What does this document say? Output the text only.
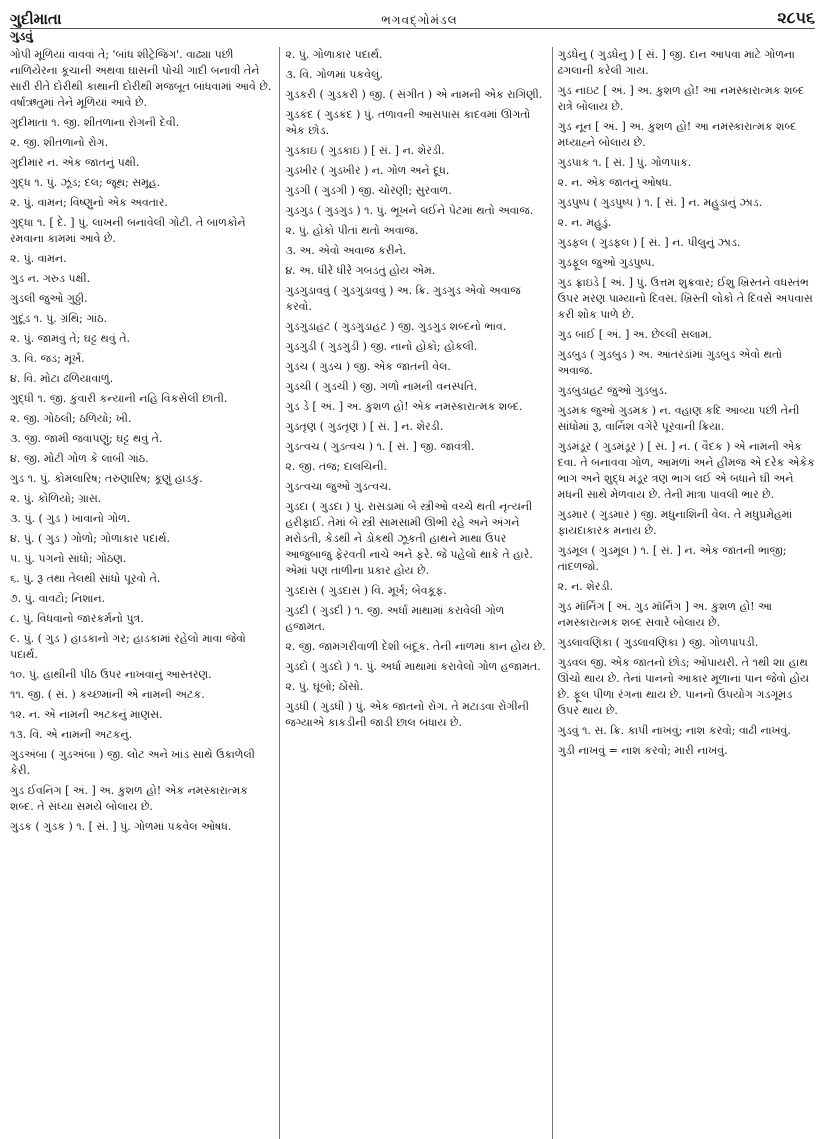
ગુદીમાતા	ભગવદ્ગોમંડલ	૨૮૫૬
ગુડવું
ગોપી મૂળિયાં વાવવાં તે; 'બાંધ શીટ્રેજિંગ'. વાઢ્યા પછી નાળિયેરના કૂચાની અથવા ઘાસની પોચી ગાદી બનાવી તેને સારી રીતે દોરીથી કાથાની દોરીથી મજબૂત બાંધવામાં આવે છે. વર્ષાઋતુમાં તેને મૂળિયાં આવે છે.
ગુદીમાતા ૧. જી. શીતળાના રોગની દેવી.
૨. જી. શીતળાનો રોગ.
ગુદીમાર ન. એક જાતનું પક્ષી.
ગુદ્ધ ૧. પું. ઝૂંડ; દલ; જૂથ; સમૂહ.
૨. પું. વામન; વિષ્ણુનો એક અવતાર.
ગુદ્ધા ૧. [ દે. ] પું. લાખની બનાવેલી ગોટી. તે બાળકોને રમવાના કામમાં આવે છે.
૨. પું. વામન.
ગુડ ન. ગરુડ પક્ષી.
ગુડલી જુઓ ગુઠ્ઠી.
ગુદૂંડ ૧. પું. ગ્રંથિ; ગાંઠ.
૨. પું. જામવું તે; ઘટ્ટ થવું તે.
૩. વિ. જડ; મૂર્ખ.
૪. વિ. મોટા ઢળિયાવાળું.
ગુદ્ધી ૧. જી. કુંવારી કન્યાની નહિ વિકસેલી છાતી.
૨. જી. ગોઠલી; ઠળિયો; ખી.
૩. જી. જામી જવાપણું; ઘટ્ટ થવું તે.
૪. જી. મોટી ગોળ કે લાંબી ગાંઠ.
ગુડ ૧. પું. કોમલારિષ; તરુણારિષ; કૂણું હાડકું.
૨. પું. કોળિયો; ગ્રાસ.
૩. પું. ( ગુડ ) ખાવાનો ગોળ.
૪. પું. ( ગુડ ) ગોળો; ગોળાકાર પદાર્થ.
૫. પું. પગનો સાંધો; ગોઠણ.
૬. પું. રૂ તથા તેલથી સાંધો પૂરવો તે.
૭. પું. વાવટો; નિશાન.
૮. પું. વિધવાનો જારકર્મનો પુત્ર.
૯. પું. ( ગુડ ) હાડકાનો ગર; હાડકામાં રહેલો માવા જેવો પદાર્થ.
૧૦. પું. હાથીની પીઠ ઉપર નાખવાનું આસ્તરણ.
૧૧. જી. ( સં. ) કચ્છમાંની એ નામની અટક.
૧૨. ન. એ નામની અટકનું માણસ.
૧૩. વિ. એ નામની અટકનું.
ગુડઅંબા ( ગુડઅંબા ) જી. લોટ અને ખાંડ સાથે ઉકાળેલી કેરી.
ગુડ ઈવનિંગ [ અં. ] અ. કુશળ હો! એક નમસ્કારાત્મક શબ્દ. તે સંધ્યા સમયે બોલાય છે.
ગુડક ( ગુડક ) ૧. [ સં. ] પું. ગોળમાં પકવેલ ઓષધ.
૨. પું. ગોળાકાર પદાર્થ.
૩. વિ. ગોળમાં પકવેલું.
ગુડકરી ( ગુડકરી ) જી. ( સંગીત ) એ નામની એક રાગિણી.
ગુડકંદ ( ગુડકંદ ) પું. તળાવની આસપાસ કાદવમાં ઊગતો એક છોડ.
ગુડકાઇ ( ગુડકાઇ ) [ સં. ] ન. શેરડી.
ગુડખીર ( ગુડખીર ) ન. ગોળ અને દૂધ.
ગુડગી ( ગુડગી ) જી. ચોરણી; સુરવાળ.
ગુડગુડ ( ગુડગુડ ) ૧. પું. ભૂખને લઈને પેટમાં થતો અવાજ.
૨. પું. હોકો પીતાં થતો અવાજ.
૩. અ. એવો અવાજ કરીને.
૪. અ. ધીરે ધીરે ગબડતું હોય એમ.
ગુડગુડાવવું ( ગુડગુડાવવું ) અ. ક્રિ. ગુડગુડ એવો અવાજ કરવો.
ગુડગુડાહટ ( ગુડગુડાહટ ) જી. ગુડગુડ શબ્દનો ભાવ.
ગુડગુડી ( ગુડગુડી ) જી. નાનો હોકો; હોકલી.
ગુડચ ( ગુડચ ) જી. એક જાતની વેલ.
ગુડચી ( ગુડચી ) જી. ગળો નામની વનસ્પતિ.
ગુડ ડે [ અં. ] અ. કુશળ હો! એક નમસ્કારાત્મક શબ્દ.
ગુડતૃણ ( ગુડતૃણ ) [ સં. ] ન. શેરડી.
ગુડત્વચ ( ગુડત્વચ ) ૧. [ સં. ] જી. જાવંત્રી.
૨. જી. તજ; દાલચિની.
ગુડત્વચા જુઓ ગુડત્વચ.
ગુડદા ( ગુડદા ) પું. રાસડામાં બે સ્ત્રીઓ વચ્ચે થતી નૃત્યની હરીફાઈ. તેમાં બે સ્ત્રી સામસામી ઊભી રહે અને અંગને મરોડતી, કેડથી ને ડોકથી ઝૂકતી હાથને માથા ઉપર આજુબાજુ ફેરવતી નાચે અને ફરે. જે પહેલો થાકે તે હારે. એમાં પણ તાળીના પ્રકાર હોય છે.
ગુડદાસ ( ગુડદાસ ) વિ. મૂર્ખ; બેવકૂફ.
ગુડદી ( ગુડદી ) ૧. જી. અર્ધા માથામાં કરાવેલી ગોળ હજામત.
૨. જી. જામગરીવાળી દેશી બંદૂક. તેની નાળમાં કાન હોય છે.
ગુડદો ( ગુડદો ) ૧. પું. અર્ધા માથામાં કરાવેલો ગોળ હજામત.
૨. પું. ઘૂંબો; ઠોંસો.
ગુડધી ( ગુડધી ) પું. એક જાતનો રોગ. તે મટાડવા રોગીની જગ્યાએ કાકડીની જાડી છાલ બંધાય છે.
ગુડધેનુ ( ગુડધેનુ ) [ સં. ] જી. દાન આપવા માટે ગોળના ઢગલાની કરેલી ગાય.
ગુડ નાઇટ [ અં. ] અ. કુશળ હો! આ નમસ્કારાત્મક શબ્દ રાત્રે બોલાય છે.
ગુડ નૂન [ અં. ] અ. કુશળ હો! આ નમસ્કારાત્મક શબ્દ મધ્યાહ્ને બોલાય છે.
ગુડપાક ૧. [ સં. ] પું. ગોળપાક.
૨. ન. એક જાતનું ઓષધ.
ગુડપુષ્પ ( ગુડપુષ્પ ) ૧. [ સં. ] ન. મહુડાનું ઝાડ.
૨. ન. મહુડું.
ગુડફલ ( ગુડફલ ) [ સં. ] ન. પીલુનું ઝાડ.
ગુડફૂલ જુઓ ગુડપુષ્પ.
ગુડ ફ્રાઇડે [ અં. ] પું. ઉત્તમ શુક્રવાર; ઈશુ ખ્રિસ્તને વધસ્તંભ ઉપર મરણ પામ્યાનો દિવસ. ખ્રિસ્તી લોકો તે દિવસે અપવાસ કરી શોક પાળે છે.
ગુડ બાઈ [ અં. ] અ. છેલ્લી સલામ.
ગુડબુડ ( ગુડબુડ ) અ. આંતરડાંમાં ગુડબુડ એવો થતો અવાજ.
ગુડબુડાહટ જુઓ ગુડબુડ.
ગુડમક જુઓ ગુડમક ) ન. વહાણ કદિ આવ્યા પછી તેની સાંધોમાં રૂ, વાર્નિશ વગેરે પૂરવાની ક્રિયા.
ગુડમંડૂર ( ગુડમંડૂર ) [ સં. ] ન. ( વૈદક ) એ નામની એક દવા. તે બનાવવા ગોળ, આમળાં અને હીમજ એ દરેક એકેક ભાગ અને શુદ્ધ મંડૂર ત્રણ ભાગ લઈ એ બધાને ઘી અને મધની સાથે મેળવાય છે. તેની માત્રા પાવલી ભાર છે.
ગુડમાર ( ગુડમાર ) જી. મધુનાશિની વેલ. તે મધુપ્રમેહમાં ફાયદાકારક મનાય છે.
ગુડમૂલ ( ગુડમૂલ ) ૧. [ સં. ] ન. એક જાતની ભાજી; તાંદળજો.
૨. ન. શેરડી.
ગુડ મૉર્નિંગ [ અં. ગુડ મૉર્નિંગ ] અ. કુશળ હો! આ નમસ્કારાત્મક શબ્દ સવારે બોલાય છે.
ગુડલાવણિકા ( ગુડલાવણિકા ) જી. ગોળપાપડી.
ગુડવલ જી. એક જાતનો છોડ; ઓંપાયરી. તે ૧થી ૨॥ હાથ ઊંચો થાય છે. તેનાં પાનનો આકાર મૂળાનાં પાન જેવો હોય છે. ફૂલ પીળા રંગના થાય છે. પાનનો ઉપયોગ ગડગૂમડ ઉપર થાય છે.
ગુડવું ૧. સ. ક્રિ. કાપી નાખવું; નાશ કરવો; વાઢી નાખવું.
ગુડી નાખવું = નાશ કરવો; મારી નાખવું.
